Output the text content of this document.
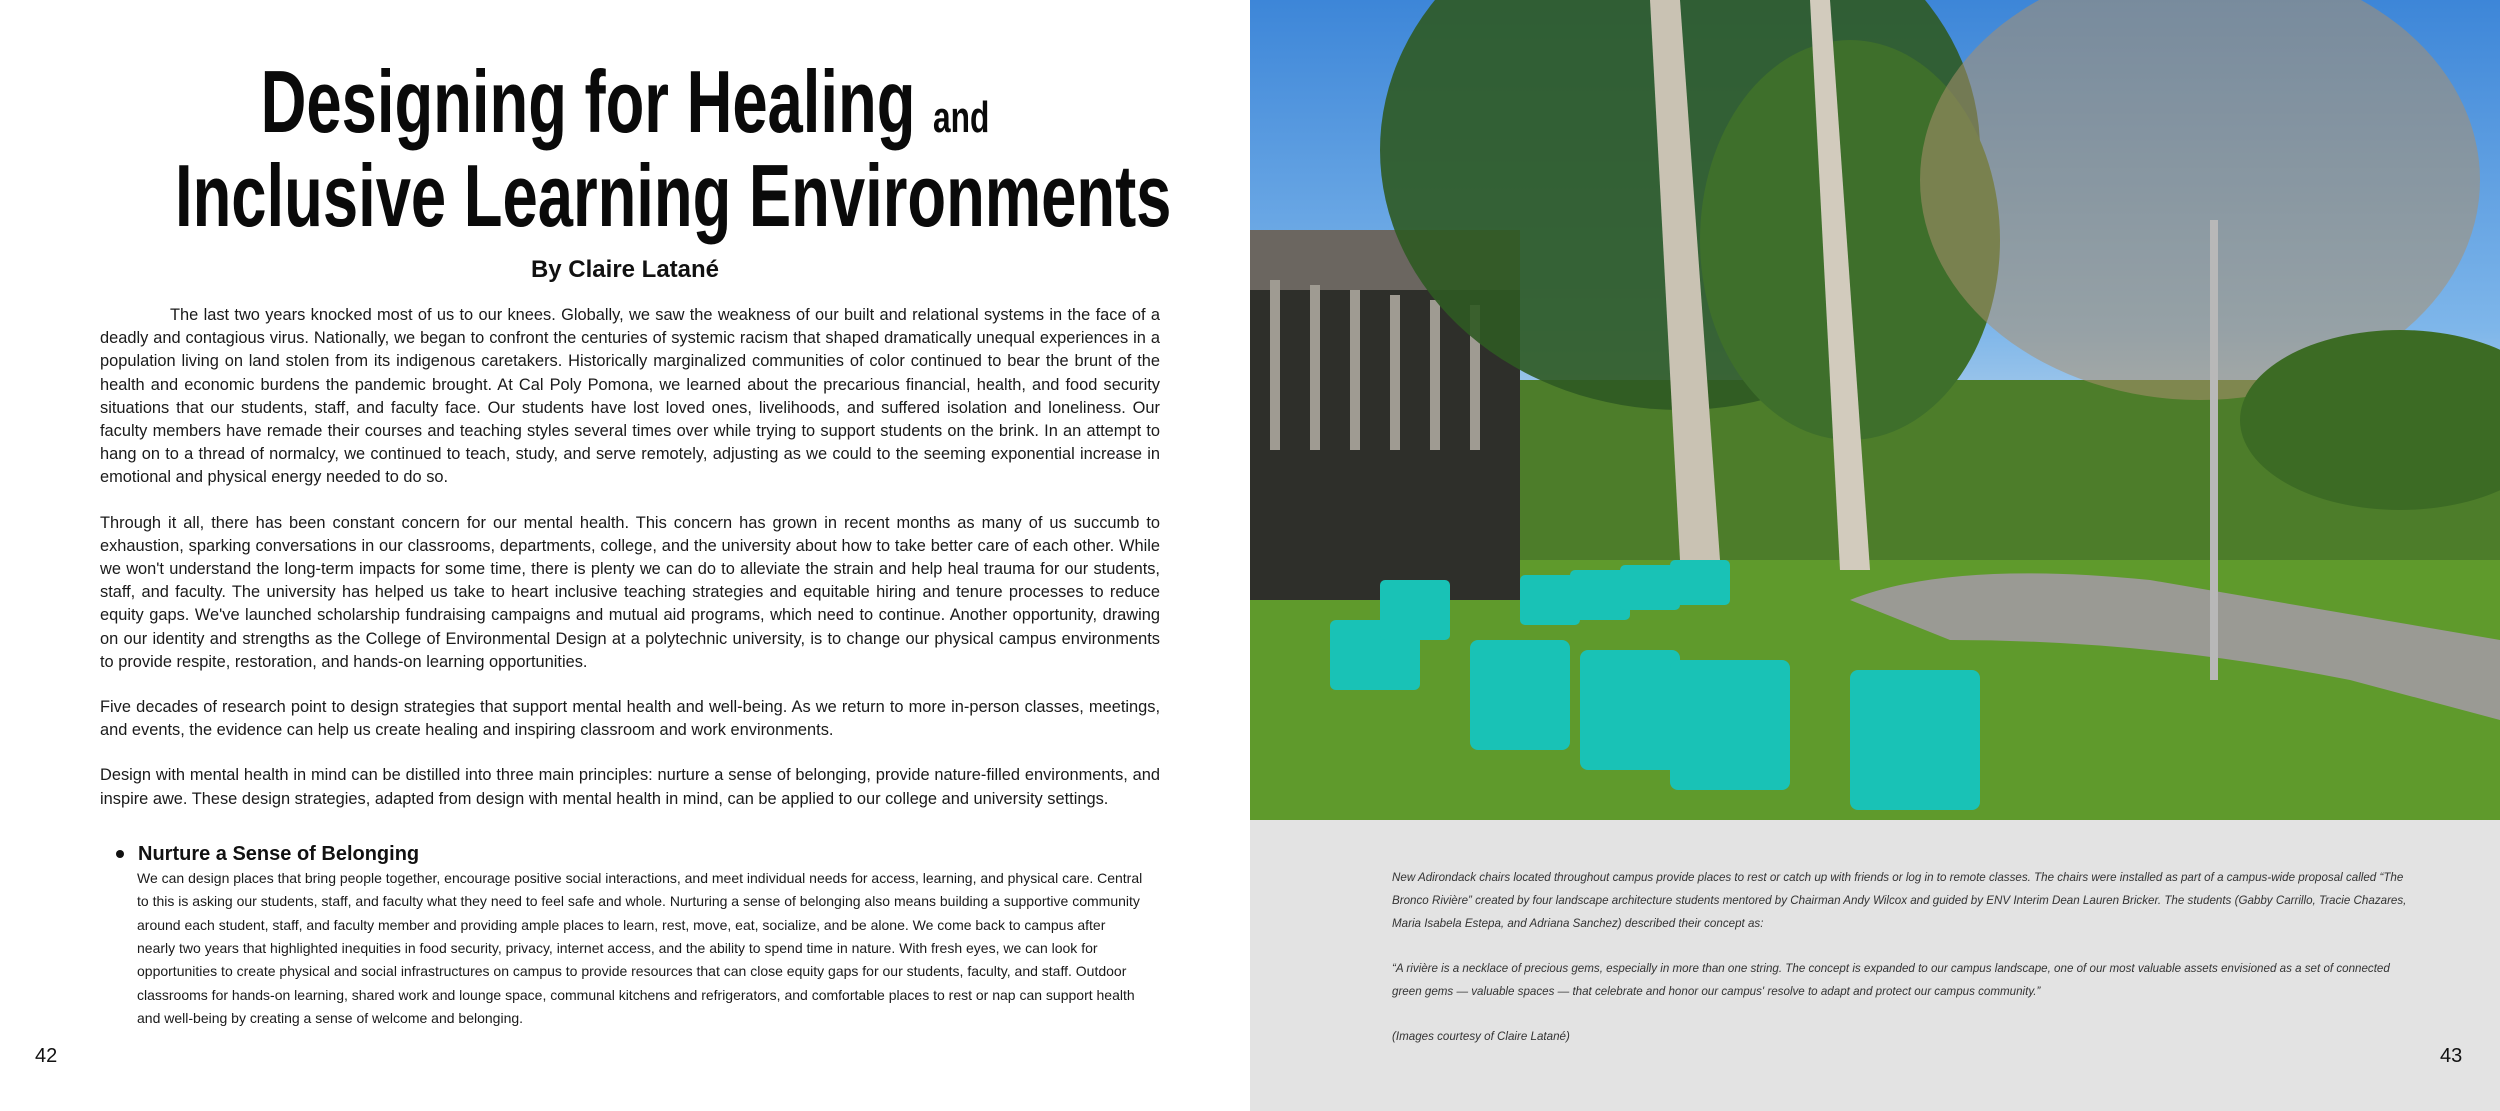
Designing for Healing and
Inclusive Learning Environments
By Claire Latané

The last two years knocked most of us to our knees. Globally, we saw the weakness of our built and relational systems in the face of a deadly and contagious virus. Nationally, we began to confront the centuries of systemic racism that shaped dramatically unequal experiences in a population living on land stolen from its indigenous caretakers. Historically marginalized communities of color continued to bear the brunt of the health and economic burdens the pandemic brought. At Cal Poly Pomona, we learned about the precarious financial, health, and food security situations that our students, staff, and faculty face. Our students have lost loved ones, livelihoods, and suffered isolation and loneliness. Our faculty members have remade their courses and teaching styles several times over while trying to support students on the brink. In an attempt to hang on to a thread of normalcy, we continued to teach, study, and serve remotely, adjusting as we could to the seeming exponential increase in emotional and physical energy needed to do so.

Through it all, there has been constant concern for our mental health. This concern has grown in recent months as many of us succumb to exhaustion, sparking conversations in our classrooms, departments, college, and the university about how to take better care of each other. While we won't understand the long-term impacts for some time, there is plenty we can do to alleviate the strain and help heal trauma for our students, staff, and faculty. The university has helped us take to heart inclusive teaching strategies and equitable hiring and tenure processes to reduce equity gaps. We've launched scholarship fundraising campaigns and mutual aid programs, which need to continue. Another opportunity, drawing on our identity and strengths as the College of Environmental Design at a polytechnic university, is to change our physical campus environments to provide respite, restoration, and hands-on learning opportunities.

Five decades of research point to design strategies that support mental health and well-being. As we return to more in-person classes, meetings, and events, the evidence can help us create healing and inspiring classroom and work environments.

Design with mental health in mind can be distilled into three main principles: nurture a sense of belonging, provide nature-filled environments, and inspire awe. These design strategies, adapted from design with mental health in mind, can be applied to our college and university settings.

Nurture a Sense of Belonging

We can design places that bring people together, encourage positive social interactions, and meet individual needs for access, learning, and physical care. Central to this is asking our students, staff, and faculty what they need to feel safe and whole. Nurturing a sense of belonging also means building a supportive community around each student, staff, and faculty member and providing ample places to learn, rest, move, eat, socialize, and be alone. We come back to campus after nearly two years that highlighted inequities in food security, privacy, internet access, and the ability to spend time in nature. With fresh eyes, we can look for opportunities to create physical and social infrastructures on campus to provide resources that can close equity gaps for our students, faculty, and staff. Outdoor classrooms for hands-on learning, shared work and lounge space, communal kitchens and refrigerators, and comfortable places to rest or nap can support health and well-being by creating a sense of welcome and belonging.

42

New Adirondack chairs located throughout campus provide places to rest or catch up with friends or log in to remote classes. The chairs were installed as part of a campus-wide proposal called “The Bronco Rivière” created by four landscape architecture students mentored by Chairman Andy Wilcox and guided by ENV Interim Dean Lauren Bricker. The students (Gabby Carrillo, Tracie Chazares, Maria Isabela Estepa, and Adriana Sanchez) described their concept as:

“A rivière is a necklace of precious gems, especially in more than one string. The concept is expanded to our campus landscape, one of our most valuable assets envisioned as a set of connected green gems — valuable spaces — that celebrate and honor our campus' resolve to adapt and protect our campus community.”

(Images courtesy of Claire Latané)

43
